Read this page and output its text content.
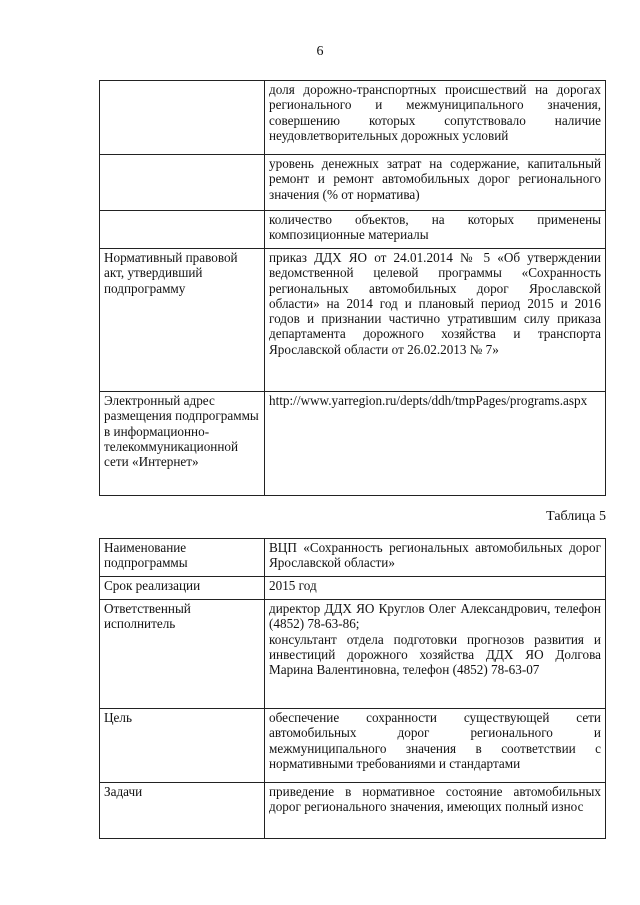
6
	доля дорожно-транспортных происшествий на дорогах регионального и межмуниципального значения, совершению которых сопутствовало наличие неудовлетворительных дорожных условий
	уровень денежных затрат на содержание, капитальный ремонт и ремонт автомобильных дорог регионального значения (% от норматива)
	количество объектов, на которых применены композиционные материалы
Нормативный правовой акт, утвердивший подпрограмму	приказ ДДХ ЯО от 24.01.2014 № 5 «Об утверждении ведомственной целевой программы «Сохранность региональных автомобильных дорог Ярославской области» на 2014 год и плановый период 2015 и 2016 годов и признании частично утратившим силу приказа департамента дорожного хозяйства и транспорта Ярославской области от 26.02.2013 № 7»
Электронный адрес размещения подпрограммы в информационно-телекоммуникационной сети «Интернет»	http://www.yarregion.ru/depts/ddh/tmpPages/programs.aspx
Таблица 5
Наименование подпрограммы	ВЦП «Сохранность региональных автомобильных дорог Ярославской области»
Срок реализации	2015 год
Ответственный исполнитель	директор ДДХ ЯО Круглов Олег Александрович, телефон (4852) 78-63-86;
консультант отдела подготовки прогнозов развития и инвестиций дорожного хозяйства ДДХ ЯО Долгова Марина Валентиновна, телефон (4852) 78-63-07

Цель	обеспечение сохранности существующей сети автомобильных дорог регионального и межмуниципального значения в соответствии с нормативными требованиями и стандартами
Задачи	приведение в нормативное состояние автомобильных дорог регионального значения, имеющих полный износ
